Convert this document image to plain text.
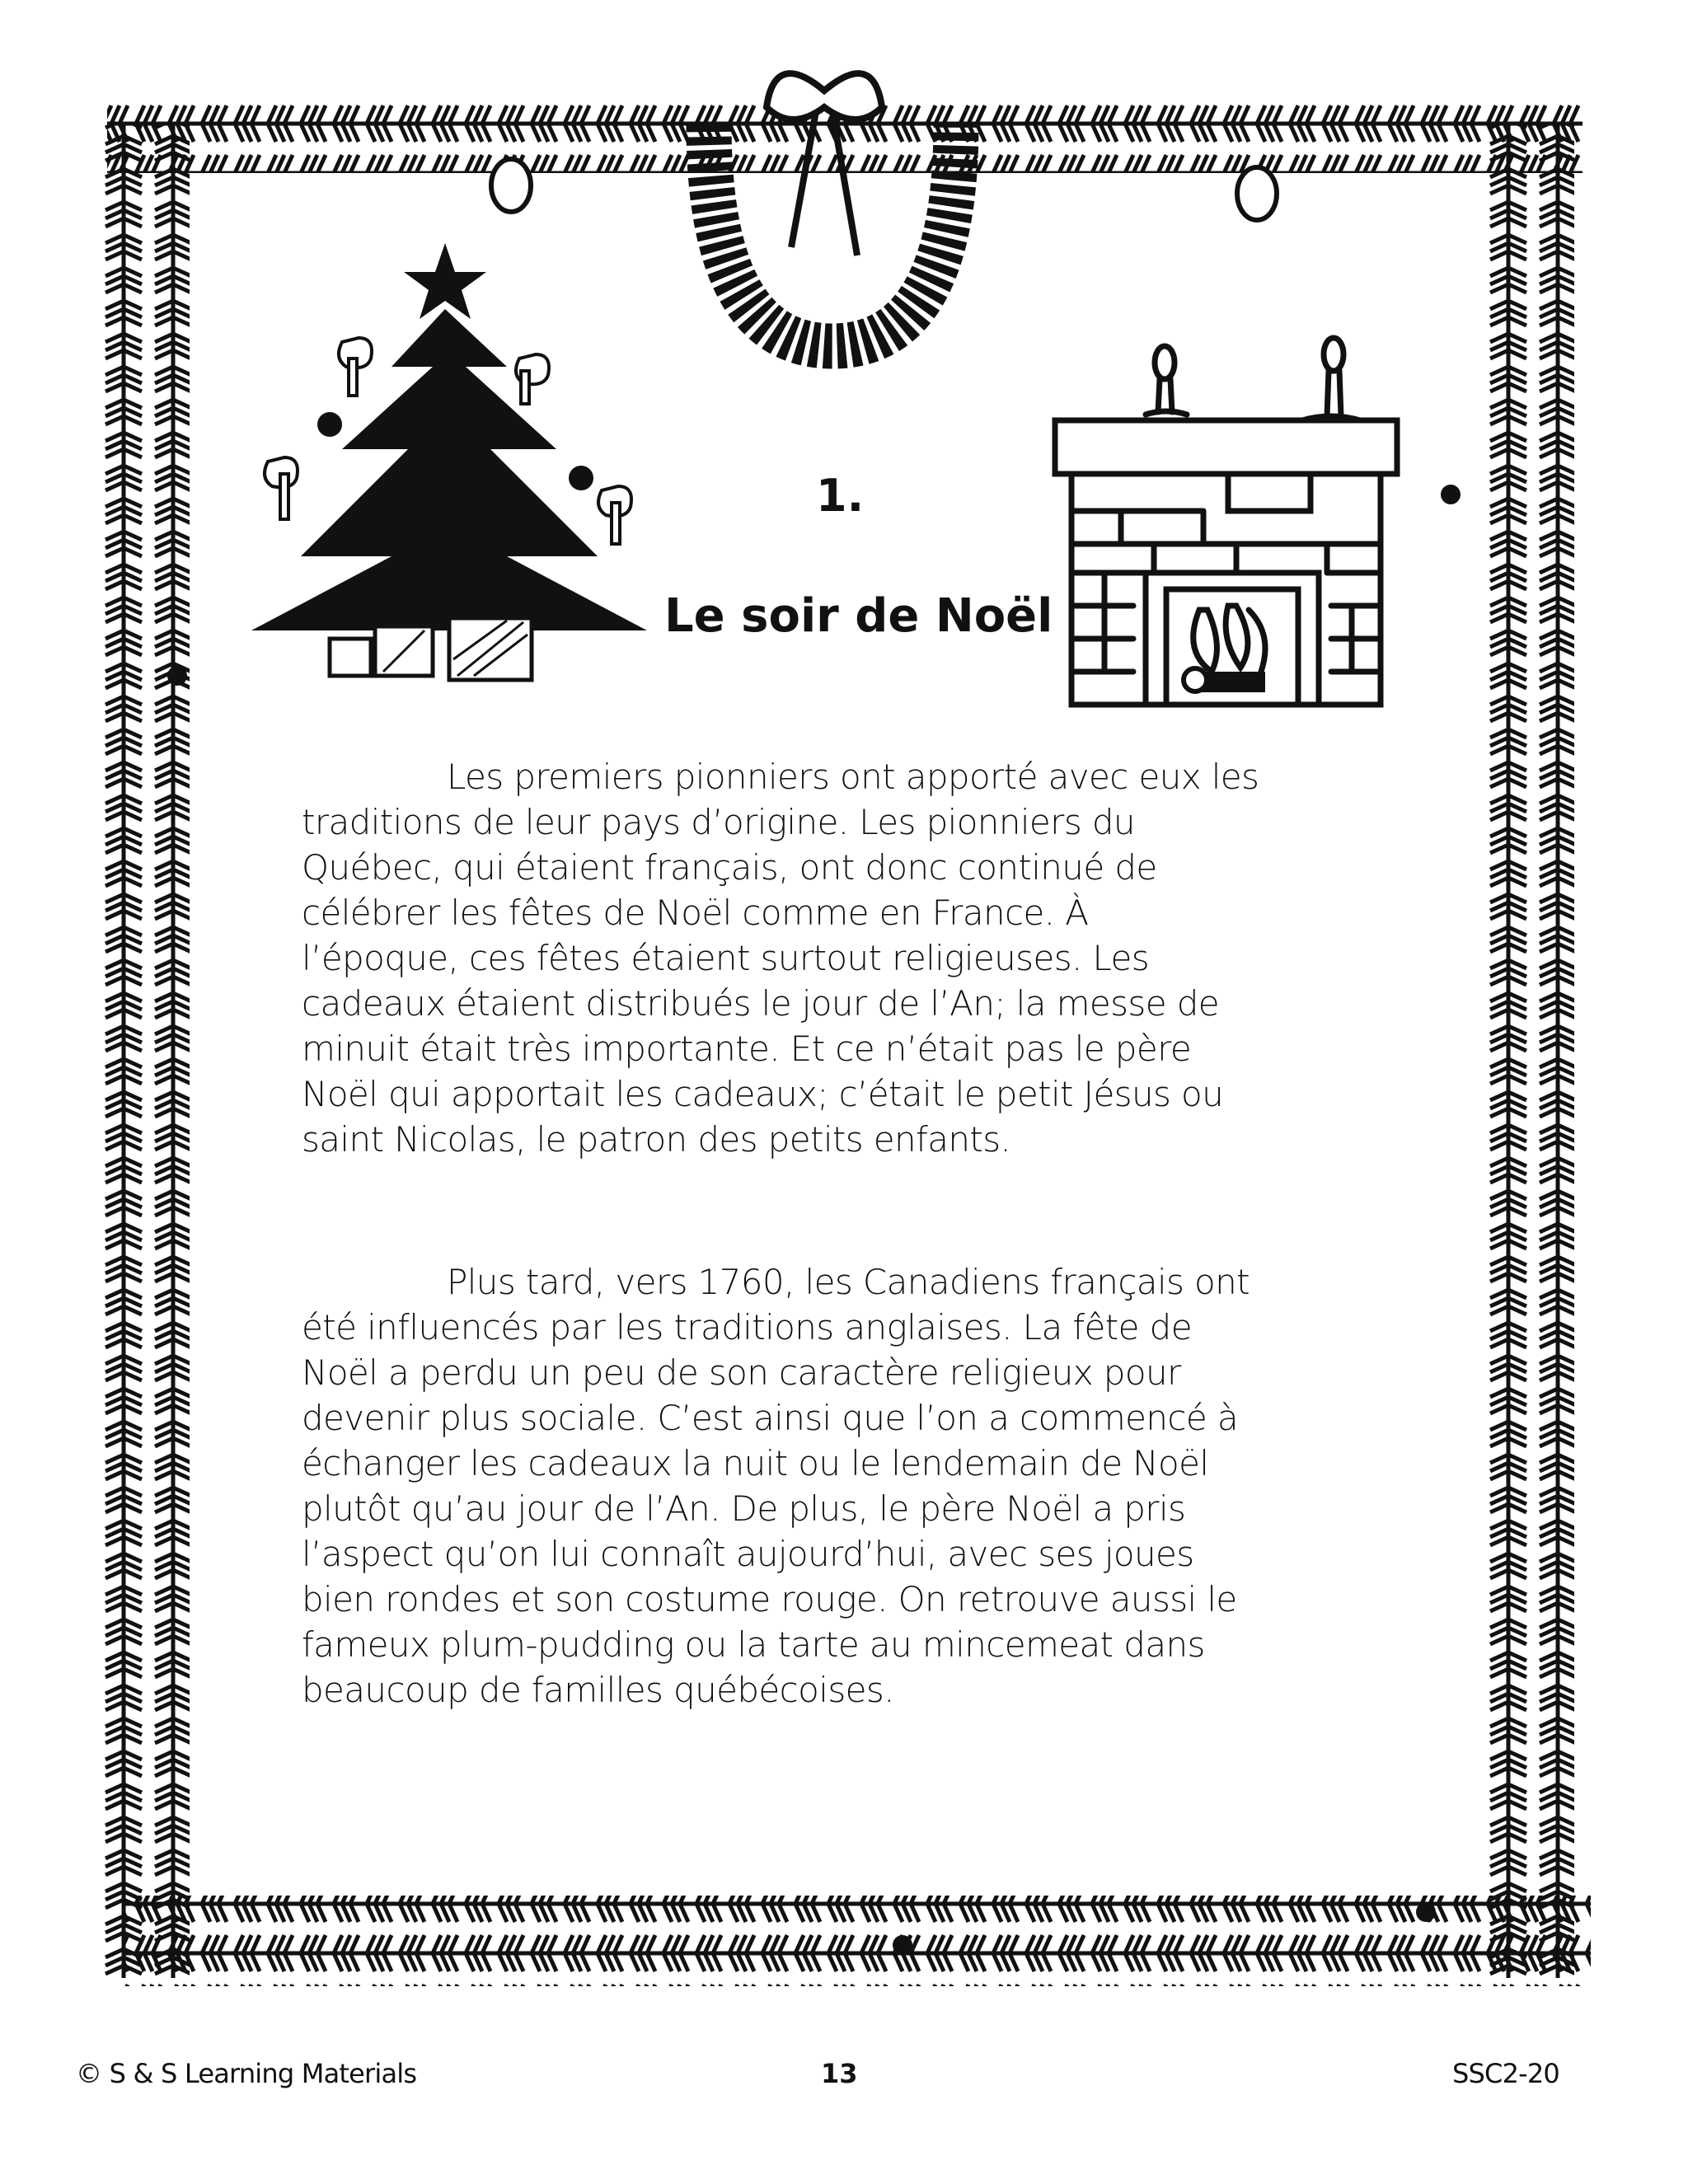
1.
Le soir de Noël
Les premiers pionniers ont apporté avec eux les
traditions de leur pays d’origine. Les pionniers du
Québec, qui étaient français, ont donc continué de
célébrer les fêtes de Noël comme en France. À
l’époque, ces fêtes étaient surtout religieuses. Les
cadeaux étaient distribués le jour de l’An; la messe de
minuit était très importante. Et ce n’était pas le père
Noël qui apportait les cadeaux; c’était le petit Jésus ou
saint Nicolas, le patron des petits enfants.
Plus tard, vers 1760, les Canadiens français ont
été influencés par les traditions anglaises. La fête de
Noël a perdu un peu de son caractère religieux pour
devenir plus sociale. C’est ainsi que l’on a commencé à
échanger les cadeaux la nuit ou le lendemain de Noël
plutôt qu’au jour de l’An. De plus, le père Noël a pris
l’aspect qu’on lui connaît aujourd’hui, avec ses joues
bien rondes et son costume rouge. On retrouve aussi le
fameux plum-pudding ou la tarte au mincemeat dans
beaucoup de familles québécoises.
© S & S Learning Materials	13	SSC2-20
